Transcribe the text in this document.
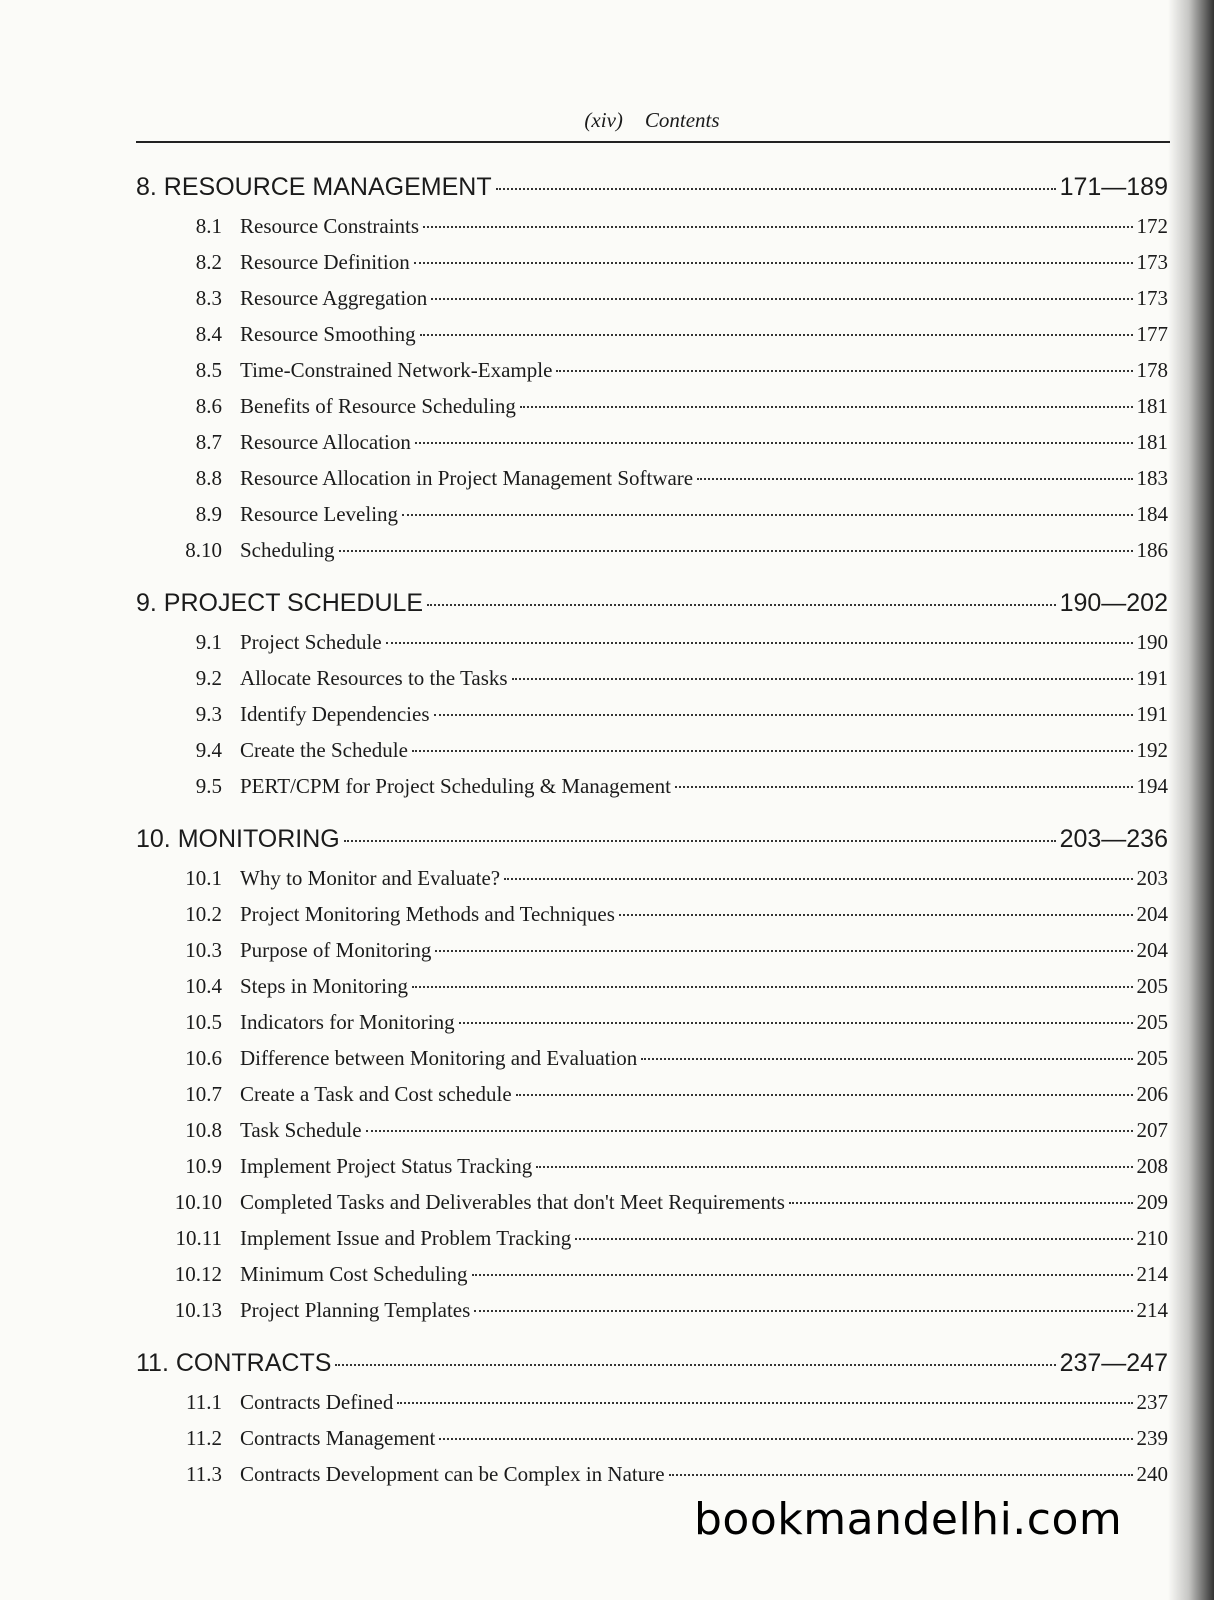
(xiv) Contents
8. RESOURCE MANAGEMENT	171—189
8.1 Resource Constraints	172
8.2 Resource Definition	173
8.3 Resource Aggregation	173
8.4 Resource Smoothing	177
8.5 Time-Constrained Network-Example	178
8.6 Benefits of Resource Scheduling	181
8.7 Resource Allocation	181
8.8 Resource Allocation in Project Management Software	183
8.9 Resource Leveling	184
8.10 Scheduling	186
9. PROJECT SCHEDULE	190—202
9.1 Project Schedule	190
9.2 Allocate Resources to the Tasks	191
9.3 Identify Dependencies	191
9.4 Create the Schedule	192
9.5 PERT/CPM for Project Scheduling & Management	194
10. MONITORING	203—236
10.1 Why to Monitor and Evaluate?	203
10.2 Project Monitoring Methods and Techniques	204
10.3 Purpose of Monitoring	204
10.4 Steps in Monitoring	205
10.5 Indicators for Monitoring	205
10.6 Difference between Monitoring and Evaluation	205
10.7 Create a Task and Cost schedule	206
10.8 Task Schedule	207
10.9 Implement Project Status Tracking	208
10.10 Completed Tasks and Deliverables that don't Meet Requirements	209
10.11 Implement Issue and Problem Tracking	210
10.12 Minimum Cost Scheduling	214
10.13 Project Planning Templates	214
11. CONTRACTS	237—247
11.1 Contracts Defined	237
11.2 Contracts Management	239
11.3 Contracts Development can be Complex in Nature	240
bookmandelhi.com
